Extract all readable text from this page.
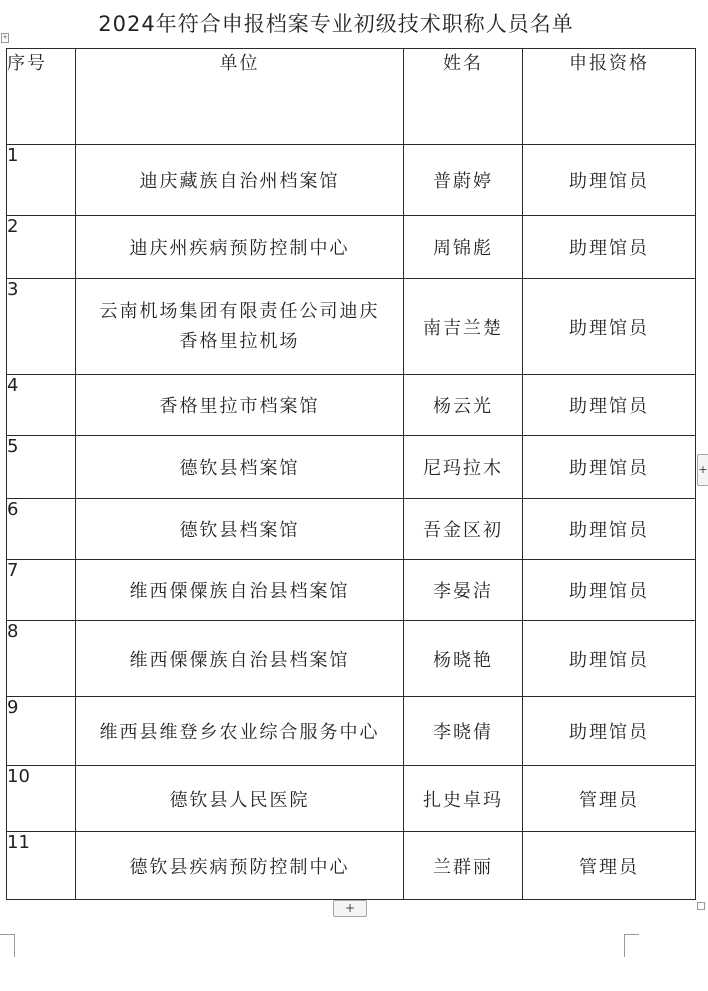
2024年符合申报档案专业初级技术职称人员名单
+
序号	单位	姓名	申报资格
1	迪庆藏族自治州档案馆	普蔚婷	助理馆员
2	迪庆州疾病预防控制中心	周锦彪	助理馆员
3	云南机场集团有限责任公司迪庆
香格里拉机场	南吉兰楚	助理馆员
4	香格里拉市档案馆	杨云光	助理馆员
5	德钦县档案馆	尼玛拉木	助理馆员
6	德钦县档案馆	吾金区初	助理馆员
7	维西傈僳族自治县档案馆	李晏洁	助理馆员
8	维西傈僳族自治县档案馆	杨晓艳	助理馆员
9	维西县维登乡农业综合服务中心	李晓倩	助理馆员
10	德钦县人民医院	扎史卓玛	管理员
11	德钦县疾病预防控制中心	兰群丽	管理员
+
+
